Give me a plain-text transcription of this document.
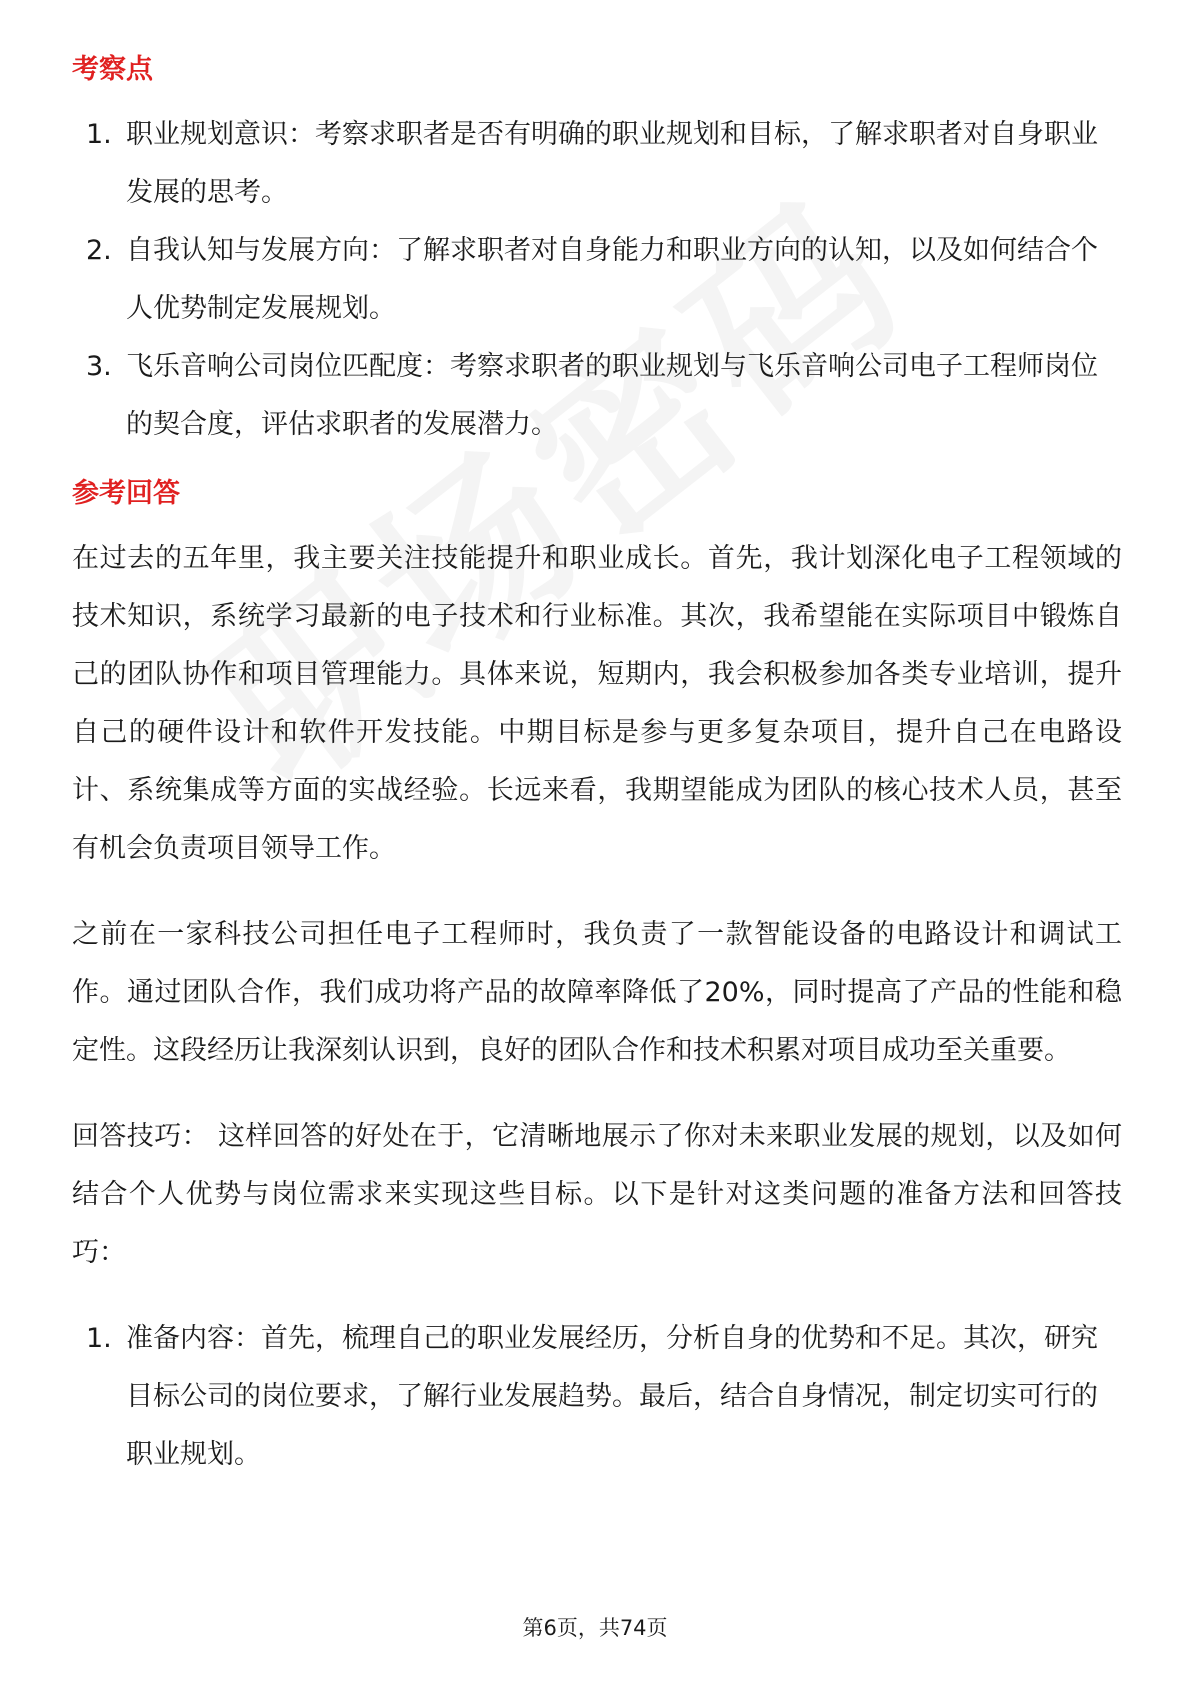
考察点
1. 职业规划意识：考察求职者是否有明确的职业规划和目标，了解求职者对自身职业发展的思考。
2. 自我认知与发展方向：了解求职者对自身能力和职业方向的认知，以及如何结合个人优势制定发展规划。
3. 飞乐音响公司岗位匹配度：考察求职者的职业规划与飞乐音响公司电子工程师岗位的契合度，评估求职者的发展潜力。
参考回答

在过去的五年里，我主要关注技能提升和职业成长。首先，我计划深化电子工程领域的技术知识，系统学习最新的电子技术和行业标准。其次，我希望能在实际项目中锻炼自己的团队协作和项目管理能力。具体来说，短期内，我会积极参加各类专业培训，提升自己的硬件设计和软件开发技能。中期目标是参与更多复杂项目，提升自己在电路设计、系统集成等方面的实战经验。长远来看，我期望能成为团队的核心技术人员，甚至有机会负责项目领导工作。

之前在一家科技公司担任电子工程师时，我负责了一款智能设备的电路设计和调试工作。通过团队合作，我们成功将产品的故障率降低了20%，同时提高了产品的性能和稳定性。这段经历让我深刻认识到，良好的团队合作和技术积累对项目成功至关重要。

回答技巧： 这样回答的好处在于，它清晰地展示了你对未来职业发展的规划，以及如何结合个人优势与岗位需求来实现这些目标。以下是针对这类问题的准备方法和回答技巧：

1. 准备内容：首先，梳理自己的职业发展经历，分析自身的优势和不足。其次，研究目标公司的岗位要求，了解行业发展趋势。最后，结合自身情况，制定切实可行的职业规划。
第6页，共74页
